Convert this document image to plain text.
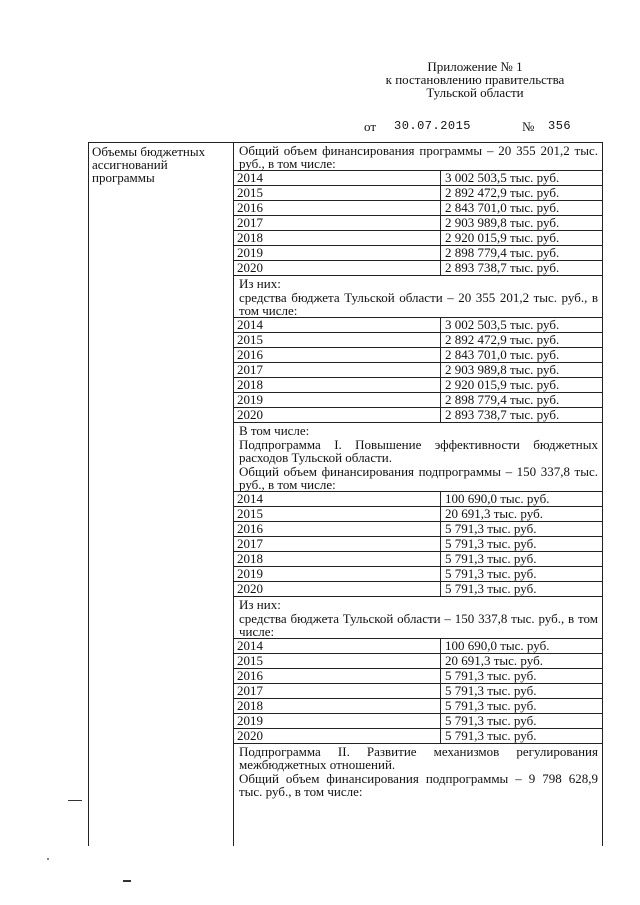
Приложение № 1
к постановлению правительства
Тульской области
от 30.07.2015	№ 356
Объемы бюджетных ассигнований программы
Общий объем финансирования программы – 20 355 201,2 тыс. руб., в том числе:
2014	3 002 503,5 тыс. руб.
2015	2 892 472,9 тыс. руб.
2016	2 843 701,0 тыс. руб.
2017	2 903 989,8 тыс. руб.
2018	2 920 015,9 тыс. руб.
2019	2 898 779,4 тыс. руб.
2020	2 893 738,7 тыс. руб.
Из них:
средства бюджета Тульской области – 20 355 201,2 тыс. руб., в том числе:
2014	3 002 503,5 тыс. руб.
2015	2 892 472,9 тыс. руб.
2016	2 843 701,0 тыс. руб.
2017	2 903 989,8 тыс. руб.
2018	2 920 015,9 тыс. руб.
2019	2 898 779,4 тыс. руб.
2020	2 893 738,7 тыс. руб.
В том числе:
Подпрограмма I. Повышение эффективности бюджетных расходов Тульской области.
Общий объем финансирования подпрограммы – 150 337,8 тыс. руб., в том числе:
2014	100 690,0 тыс. руб.
2015	20 691,3 тыс. руб.
2016	5 791,3 тыс. руб.
2017	5 791,3 тыс. руб.
2018	5 791,3 тыс. руб.
2019	5 791,3 тыс. руб.
2020	5 791,3 тыс. руб.
Из них:
средства бюджета Тульской области – 150 337,8 тыс. руб., в том числе:
2014	100 690,0 тыс. руб.
2015	20 691,3 тыс. руб.
2016	5 791,3 тыс. руб.
2017	5 791,3 тыс. руб.
2018	5 791,3 тыс. руб.
2019	5 791,3 тыс. руб.
2020	5 791,3 тыс. руб.
Подпрограмма II. Развитие механизмов регулирования межбюджетных отношений.
Общий объем финансирования подпрограммы – 9 798 628,9 тыс. руб., в том числе:
